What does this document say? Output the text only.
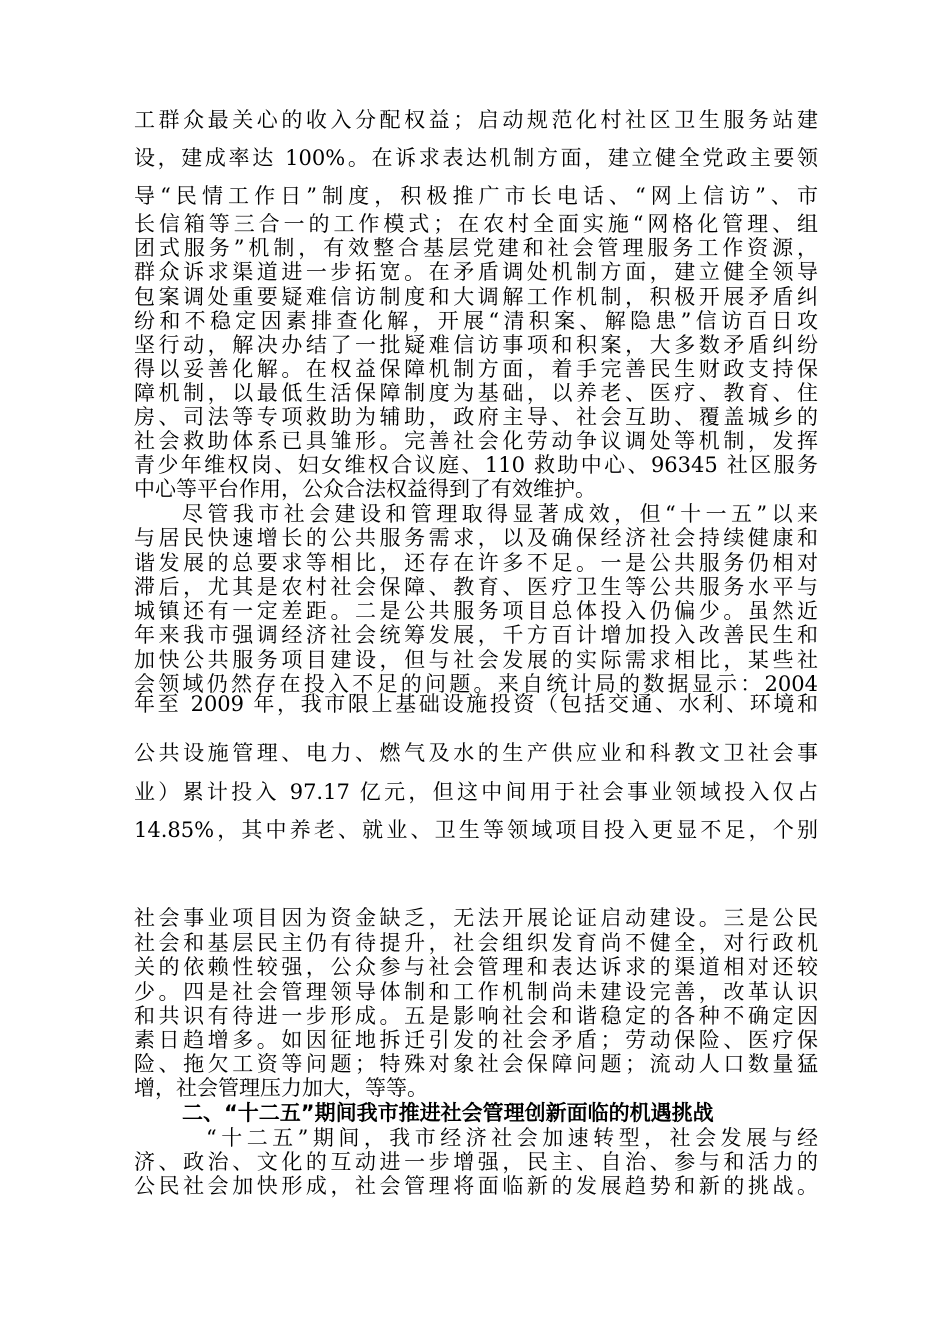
工群众最关心的收入分配权益；启动规范化村社区卫生服务站建

设，建成率达 100%。在诉求表达机制方面，建立健全党政主要领

导“民情工作日”制度，积极推广市长电话、“网上信访”、市

长信箱等三合一的工作模式；在农村全面实施“网格化管理、组

团式服务”机制，有效整合基层党建和社会管理服务工作资源，

群众诉求渠道进一步拓宽。在矛盾调处机制方面，建立健全领导

包案调处重要疑难信访制度和大调解工作机制，积极开展矛盾纠

纷和不稳定因素排查化解，开展“清积案、解隐患”信访百日攻

坚行动，解决办结了一批疑难信访事项和积案，大多数矛盾纠纷

得以妥善化解。在权益保障机制方面，着手完善民生财政支持保

障机制，以最低生活保障制度为基础，以养老、医疗、教育、住

房、司法等专项救助为辅助，政府主导、社会互助、覆盖城乡的

社会救助体系已具雏形。完善社会化劳动争议调处等机制，发挥

青少年维权岗、妇女维权合议庭、110 救助中心、96345 社区服务

中心等平台作用，公众合法权益得到了有效维护。

尽管我市社会建设和管理取得显著成效，但“十一五”以来

与居民快速增长的公共服务需求，以及确保经济社会持续健康和

谐发展的总要求等相比，还存在许多不足。一是公共服务仍相对

滞后，尤其是农村社会保障、教育、医疗卫生等公共服务水平与

城镇还有一定差距。二是公共服务项目总体投入仍偏少。虽然近

年来我市强调经济社会统筹发展，千方百计增加投入改善民生和

加快公共服务项目建设，但与社会发展的实际需求相比，某些社

会领域仍然存在投入不足的问题。来自统计局的数据显示：2004

年至 2009 年，我市限上基础设施投资（包括交通、水利、环境和

公共设施管理、电力、燃气及水的生产供应业和科教文卫社会事

业）累计投入 97.17 亿元，但这中间用于社会事业领域投入仅占

14.85%，其中养老、就业、卫生等领域项目投入更显不足，个别

社会事业项目因为资金缺乏，无法开展论证启动建设。三是公民

社会和基层民主仍有待提升，社会组织发育尚不健全，对行政机

关的依赖性较强，公众参与社会管理和表达诉求的渠道相对还较

少。四是社会管理领导体制和工作机制尚未建设完善，改革认识

和共识有待进一步形成。五是影响社会和谐稳定的各种不确定因

素日趋增多。如因征地拆迁引发的社会矛盾；劳动保险、医疗保

险、拖欠工资等问题；特殊对象社会保障问题；流动人口数量猛

增，社会管理压力加大，等等。

二、“十二五”期间我市推进社会管理创新面临的机遇挑战

“十二五”期间，我市经济社会加速转型，社会发展与经

济、政治、文化的互动进一步增强，民主、自治、参与和活力的

公民社会加快形成，社会管理将面临新的发展趋势和新的挑战。
